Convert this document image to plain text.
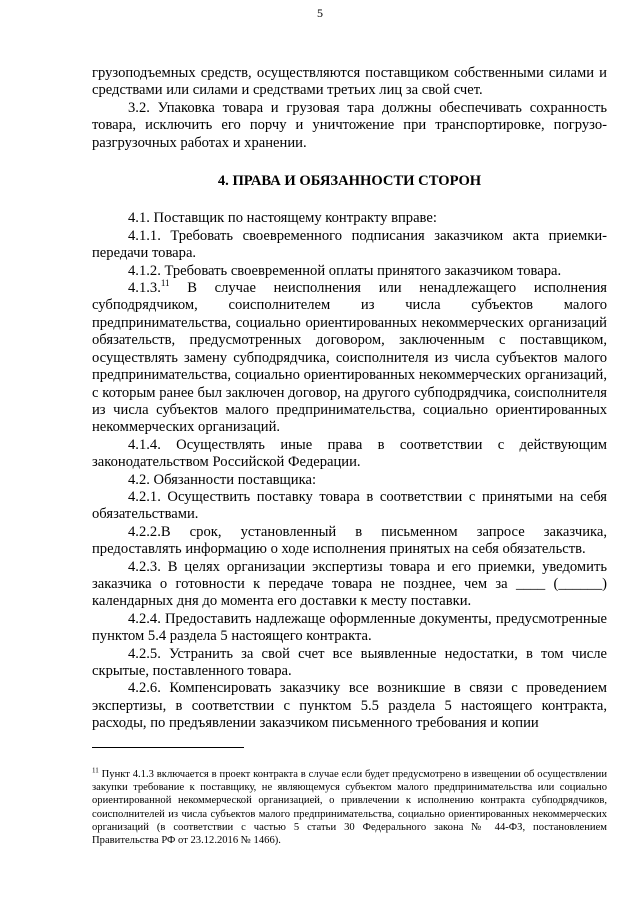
5

грузоподъемных средств, осуществляются поставщиком собственными силами и средствами или силами и средствами третьих лиц за свой счет.

3.2. Упаковка товара и грузовая тара должны обеспечивать сохранность товара, исключить его порчу и уничтожение при транспортировке, погрузо-разгрузочных работах и хранении.

4. ПРАВА И ОБЯЗАННОСТИ СТОРОН

4.1. Поставщик по настоящему контракту вправе:

4.1.1. Требовать своевременного подписания заказчиком акта приемки-передачи товара.

4.1.2. Требовать своевременной оплаты принятого заказчиком товара.

4.1.3.11 В случае неисполнения или ненадлежащего исполнения субподрядчиком, соисполнителем из числа субъектов малого предпринимательства, социально ориентированных некоммерческих организаций обязательств, предусмотренных договором, заключенным с поставщиком, осуществлять замену субподрядчика, соисполнителя из числа субъектов малого предпринимательства, социально ориентированных некоммерческих организаций, с которым ранее был заключен договор, на другого субподрядчика, соисполнителя из числа субъектов малого предпринимательства, социально ориентированных некоммерческих организаций.

4.1.4. Осуществлять иные права в соответствии с действующим законодательством Российской Федерации.

4.2. Обязанности поставщика:

4.2.1. Осуществить поставку товара в соответствии с принятыми на себя обязательствами.

4.2.2.В срок, установленный в письменном запросе заказчика, предоставлять информацию о ходе исполнения принятых на себя обязательств.

4.2.3. В целях организации экспертизы товара и его приемки, уведомить заказчика о готовности к передаче товара не позднее, чем за ____ (______) календарных дня до момента его доставки к месту поставки.

4.2.4. Предоставить надлежаще оформленные документы, предусмотренные пунктом 5.4 раздела 5 настоящего контракта.

4.2.5. Устранить за свой счет все выявленные недостатки, в том числе скрытые, поставленного товара.

4.2.6. Компенсировать заказчику все возникшие в связи с проведением экспертизы, в соответствии с пунктом 5.5 раздела 5 настоящего контракта, расходы, по предъявлении заказчиком письменного требования и копии

$^{11}$ Пункт 4.1.3 включается в проект контракта в случае если будет предусмотрено в извещении об осуществлении закупки требование к поставщику, не являющемуся субъектом малого предпринимательства или социально ориентированной некоммерческой организацией, о привлечении к исполнению контракта субподрядчиков, соисполнителей из числа субъектов малого предпринимательства, социально ориентированных некоммерческих организаций (в соответствии с частью 5 статьи 30 Федерального закона № 44-ФЗ, постановлением Правительства РФ от 23.12.2016 № 1466).
